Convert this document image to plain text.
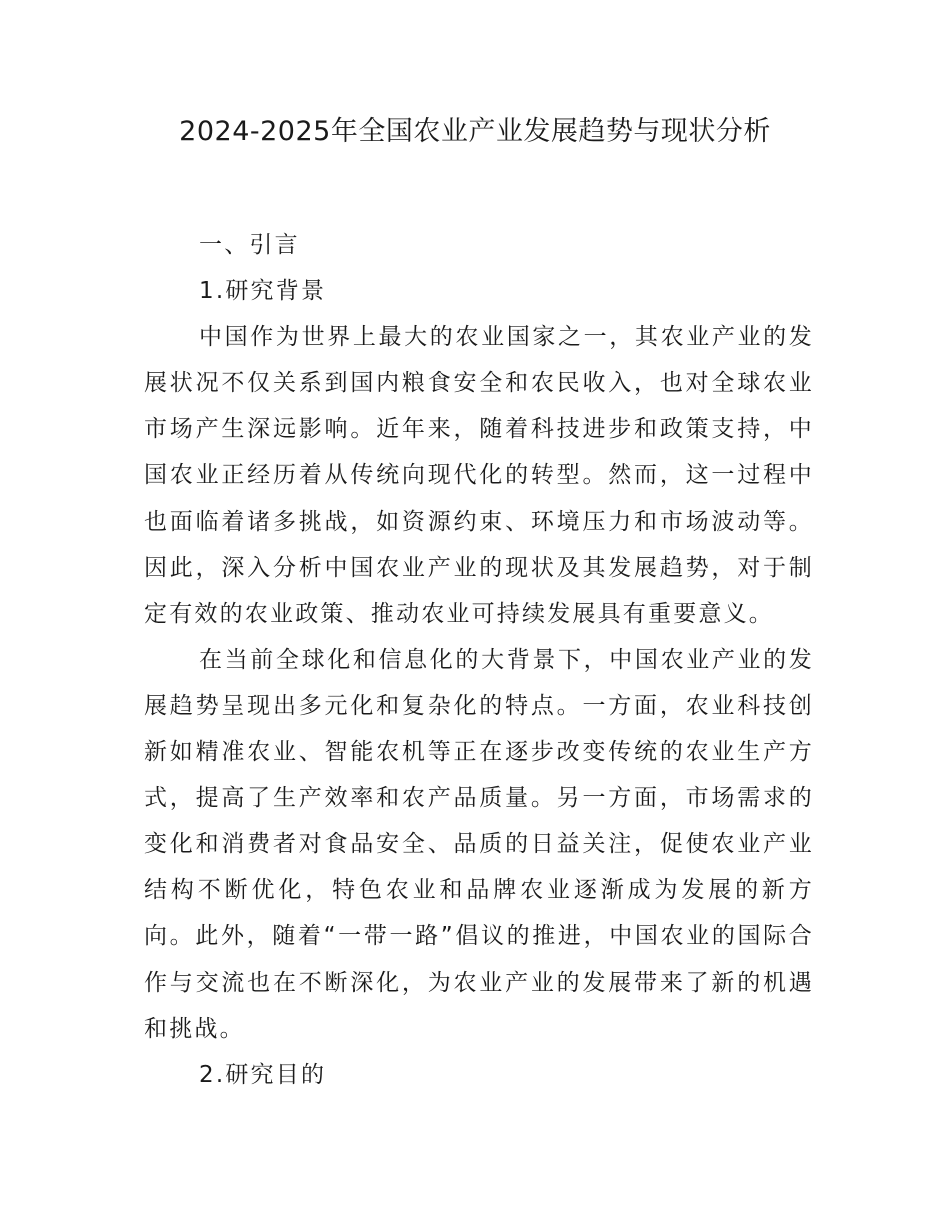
2024-2025年全国农业产业发展趋势与现状分析
一、引言
1.研究背景

中国作为世界上最大的农业国家之一，其农业产业的发展状况不仅关系到国内粮食安全和农民收入，也对全球农业市场产生深远影响。近年来，随着科技进步和政策支持，中国农业正经历着从传统向现代化的转型。然而，这一过程中也面临着诸多挑战，如资源约束、环境压力和市场波动等。因此，深入分析中国农业产业的现状及其发展趋势，对于制定有效的农业政策、推动农业可持续发展具有重要意义。

在当前全球化和信息化的大背景下，中国农业产业的发展趋势呈现出多元化和复杂化的特点。一方面，农业科技创新如精准农业、智能农机等正在逐步改变传统的农业生产方式，提高了生产效率和农产品质量。另一方面，市场需求的变化和消费者对食品安全、品质的日益关注，促使农业产业结构不断优化，特色农业和品牌农业逐渐成为发展的新方向。此外，随着“一带一路”倡议的推进，中国农业的国际合作与交流也在不断深化，为农业产业的发展带来了新的机遇和挑战。

2.研究目的
